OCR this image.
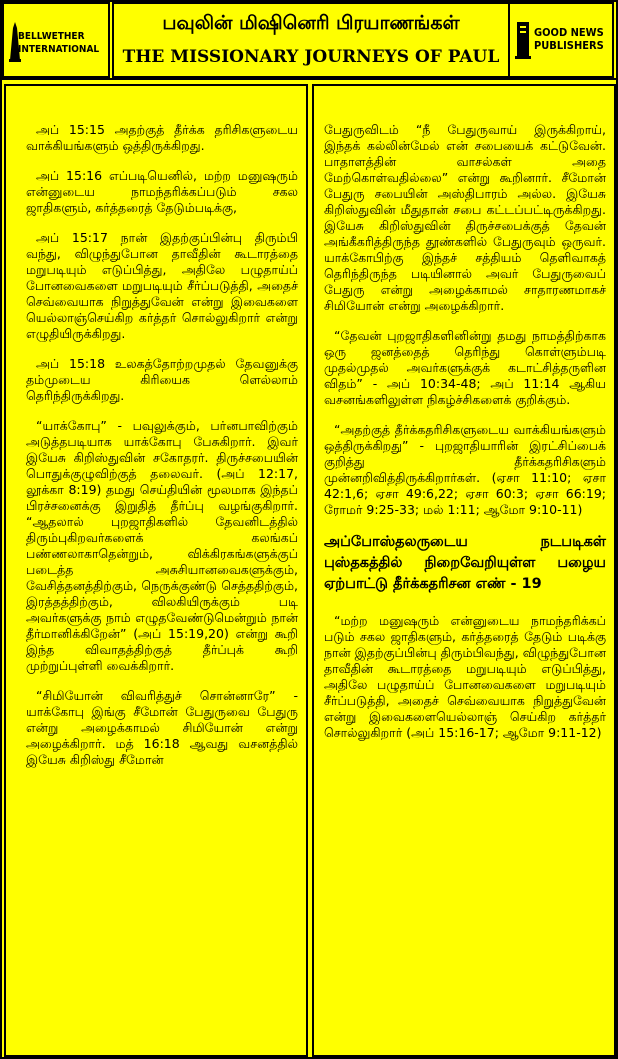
BELLWETHER
INTERNATIONAL
பவுலின் மிஷினெரி பிரயாணங்கள்
THE MISSIONARY JOURNEYS OF PAUL
GOOD NEWS
PUBLISHERS

அப் 15:15 அதற்குத் தீர்க்க தரிசிகளுடைய வாக்கியங்களும் ஒத்திருக்கிறது.

அப் 15:16 எப்படியெனில், மற்ற மனுஷரும் என்னுடைய நாமந்தரிக்கப்படும் சகல ஜாதிகளும், கர்த்தரைத் தேடும்படிக்கு,

அப் 15:17 நான் இதற்குப்பின்பு திரும்பி வந்து, விழுந்துபோன தாவீதின் கூடாரத்தை மறுபடியும் எடுப்பித்து, அதிலே பழுதாய்ப் போனவைகளை மறுபடியும் சீர்ப்படுத்தி, அதைச் செவ்வையாக நிறுத்துவேன் என்று இவைகளை யெல்லாஞ்செய்கிற கர்த்தர் சொல்லுகிறார் என்று எழுதியிருக்கிறது.

அப் 15:18 உலகத்தோற்றமுதல் தேவனுக்கு தம்முடைய கிரியைக ளெல்லாம் தெரிந்திருக்கிறது.

“யாக்கோபு” - பவுலுக்கும், பர்னபாவிற்கும் அடுத்தபடியாக யாக்கோபு பேசுகிறார். இவர் இயேசு கிறிஸ்துவின் சகோதரர். திருச்சபையின் பொதுக்குழுவிற்குத் தலைவர். (அப் 12:17, லூக்கா 8:19) தமது செய்தியின் மூலமாக இந்தப் பிரச்சனைக்கு இறுதித் தீர்ப்பு வழங்குகிறார். “ஆதலால் புறஜாதிகளில் தேவனிடத்தில் திரும்புகிறவர்களைக் கலங்கப் பண்ணலாகாதென்றும், விக்கிரகங்களுக்குப் படைத்த அசுசியானவைகளுக்கும், வேசித்தனத்திற்கும், நெருக்குண்டு செத்ததிற்கும், இரத்தத்திற்கும், விலகியிருக்கும் படி அவர்களுக்கு நாம் எழுதவேண்டுமென்றும் நான் தீர்மானிக்கிறேன்” (அப் 15:19,20) என்று கூறி இந்த விவாதத்திற்குத் தீர்ப்புக் கூறி முற்றுப்புள்ளி வைக்கிறார்.

“சிமியோன் விவரித்துச் சொன்னாரே” - யாக்கோபு இங்கு சீமோன் பேதுருவை பேதுரு என்று அழைக்காமல் சிமியோன் என்று அழைக்கிறார். மத் 16:18 ஆவது வசனத்தில் இயேசு கிறிஸ்து சீமோன்

பேதுருவிடம் “நீ பேதுருவாய் இருக்கிறாய், இந்தக் கல்லின்மேல் என் சபையைக் கட்டுவேன். பாதாளத்தின் வாசல்கள் அதை மேற்கொள்வதில்லை” என்று கூறினார். சீமோன் பேதுரு சபையின் அஸ்திபாரம் அல்ல. இயேசு கிறிஸ்துவின் மீதுதான் சபை கட்டப்பட்டிருக்கிறது. இயேசு கிறிஸ்துவின் திருச்சபைக்குத் தேவன் அங்கீகரித்திருந்த தூண்களில் பேதுருவும் ஒருவர். யாக்கோபிற்கு இந்தச் சத்தியம் தெளிவாகத் தெரிந்திருந்த படியினால் அவர் பேதுருவைப் பேதுரு என்று அழைக்காமல் சாதாரணமாகச் சிமியோன் என்று அழைக்கிறார்.

“தேவன் புறஜாதிகளினின்று தமது நாமத்திற்காக ஒரு ஜனத்தைத் தெரிந்து கொள்ளும்படி முதல்முதல் அவர்களுக்குக் கடாட்சித்தருளின விதம்” - அப் 10:34-48; அப் 11:14 ஆகிய வசனங்களிலுள்ள நிகழ்ச்சிகளைக் குறிக்கும்.

“அதற்குத் தீர்க்கதரிசிகளுடைய வாக்கியங்களும் ஒத்திருக்கிறது” - புறஜாதியாரின் இரட்சிப்பைக் குறித்து தீர்க்கதரிசிகளும் முன்னறிவித்திருக்கிறார்கள். (ஏசா 11:10; ஏசா 42:1,6; ஏசா 49:6,22; ஏசா 60:3; ஏசா 66:19; ரோமர் 9:25-33; மல் 1:11; ஆமோ 9:10-11)

அப்போஸ்தலருடைய நடபடிகள் புஸ்தகத்தில் நிறைவேறியுள்ள பழைய ஏற்பாட்டு தீர்க்கதரிசன எண் - 19

“மற்ற மனுஷரும் என்னுடைய நாமந்தரிக்கப் படும் சகல ஜாதிகளும், கர்த்தரைத் தேடும் படிக்கு நான் இதற்குப்பின்பு திரும்பிவந்து, விழுந்துபோன தாவீதின் கூடாரத்தை மறுபடியும் எடுப்பித்து, அதிலே பழுதாய்ப் போனவைகளை மறுபடியும் சீர்ப்படுத்தி, அதைச் செவ்வையாக நிறுத்துவேன் என்று இவைகளையெல்லாஞ் செய்கிற கர்த்தர் சொல்லுகிறார் (அப் 15:16-17; ஆமோ 9:11-12)
